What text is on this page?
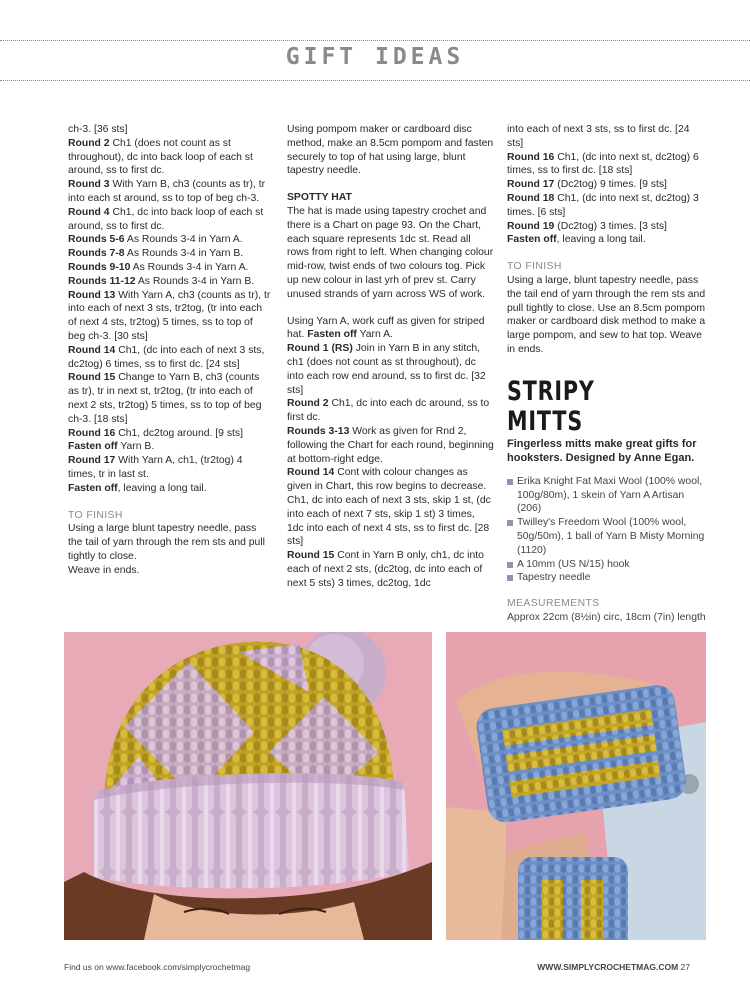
GIFT IDEAS

ch-3. [36 sts]

Round 2 Ch1 (does not count as st throughout), dc into back loop of each st around, ss to first dc.

Round 3 With Yarn B, ch3 (counts as tr), tr into each st around, ss to top of beg ch-3.

Round 4 Ch1, dc into back loop of each st around, ss to first dc.

Rounds 5-6 As Rounds 3-4 in Yarn A.

Rounds 7-8 As Rounds 3-4 in Yarn B.

Rounds 9-10 As Rounds 3-4 in Yarn A.

Rounds 11-12 As Rounds 3-4 in Yarn B.

Round 13 With Yarn A, ch3 (counts as tr), tr into each of next 3 sts, tr2tog, (tr into each of next 4 sts, tr2tog) 5 times, ss to top of beg ch-3. [30 sts]

Round 14 Ch1, (dc into each of next 3 sts, dc2tog) 6 times, ss to first dc. [24 sts]

Round 15 Change to Yarn B, ch3 (counts as tr), tr in next st, tr2tog, (tr into each of next 2 sts, tr2tog) 5 times, ss to top of beg ch-3. [18 sts]

Round 16 Ch1, dc2tog around. [9 sts]

Fasten off Yarn B.

Round 17 With Yarn A, ch1, (tr2tog) 4 times, tr in last st.

Fasten off, leaving a long tail.

TO FINISH

Using a large blunt tapestry needle, pass the tail of yarn through the rem sts and pull tightly to close.

Weave in ends.

Using pompom maker or cardboard disc method, make an 8.5cm pompom and fasten securely to top of hat using large, blunt tapestry needle.

SPOTTY HAT

The hat is made using tapestry crochet and there is a Chart on page 93. On the Chart, each square represents 1dc st. Read all rows from right to left. When changing colour mid-row, twist ends of two colours tog. Pick up new colour in last yrh of prev st. Carry unused strands of yarn across WS of work.

Using Yarn A, work cuff as given for striped hat. Fasten off Yarn A.

Round 1 (RS) Join in Yarn B in any stitch, ch1 (does not count as st throughout), dc into each row end around, ss to first dc. [32 sts]

Round 2 Ch1, dc into each dc around, ss to first dc.

Rounds 3-13 Work as given for Rnd 2, following the Chart for each round, beginning at bottom-right edge.

Round 14 Cont with colour changes as given in Chart, this row begins to decrease. Ch1, dc into each of next 3 sts, skip 1 st, (dc into each of next 7 sts, skip 1 st) 3 times, 1dc into each of next 4 sts, ss to first dc. [28 sts]

Round 15 Cont in Yarn B only, ch1, dc into each of next 2 sts, (dc2tog, dc into each of next 5 sts) 3 times, dc2tog, 1dc

into each of next 3 sts, ss to first dc. [24 sts]

Round 16 Ch1, (dc into next st, dc2tog) 6 times, ss to first dc. [18 sts]

Round 17 (Dc2tog) 9 times. [9 sts]

Round 18 Ch1, (dc into next st, dc2tog) 3 times. [6 sts]

Round 19 (Dc2tog) 3 times. [3 sts]

Fasten off, leaving a long tail.

TO FINISH

Using a large, blunt tapestry needle, pass the tail end of yarn through the rem sts and pull tightly to close. Use an 8.5cm pompom maker or cardboard disk method to make a large pompom, and sew to hat top. Weave in ends.

STRIPY MITTS

Fingerless mitts make great gifts for hooksters. Designed by Anne Egan.

Erika Knight Fat Maxi Wool (100% wool, 100g/80m), 1 skein of Yarn A Artisan (206)

Twilley's Freedom Wool (100% wool, 50g/50m), 1 ball of Yarn B Misty Morning (1120)

A 10mm (US N/15) hook

Tapestry needle

MEASUREMENTS

Approx 22cm (8½in) circ, 18cm (7in) length

Find us on www.facebook.com/simplycrochetmag	WWW.SIMPLYCROCHETMAG.COM 27
